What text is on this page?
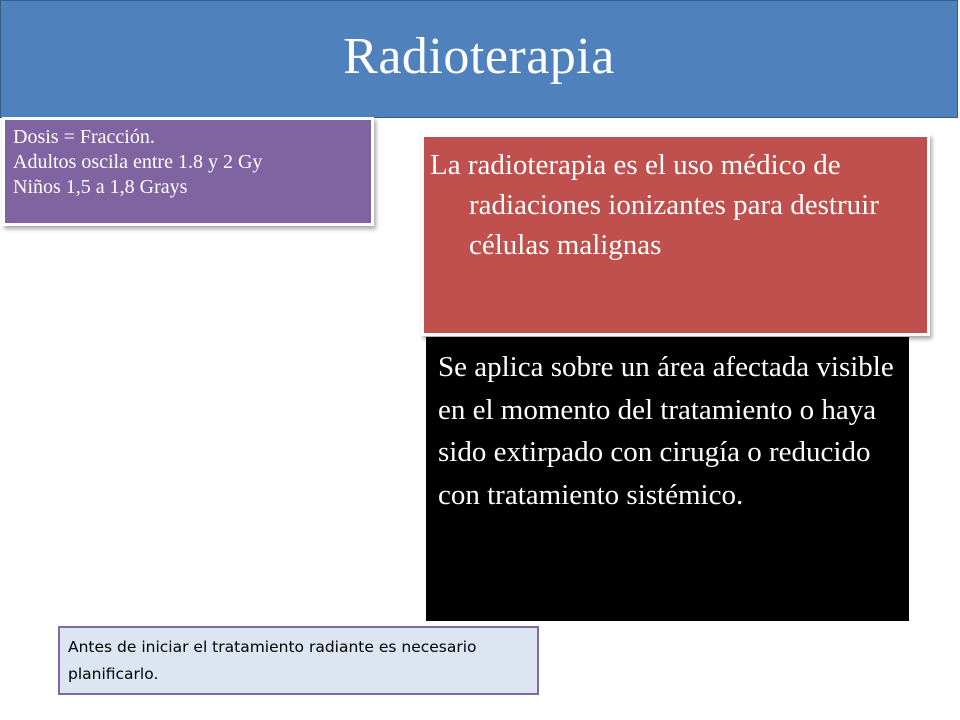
Radioterapia
Dosis = Fracción.
Adultos oscila entre 1.8 y 2 Gy
Niños 1,5 a 1,8 Grays

La radioterapia es el uso médico de radiaciones ionizantes para destruir células malignas

Se aplica sobre un área afectada visible en el momento del tratamiento o haya sido extirpado con cirugía o reducido con tratamiento sistémico.

Antes de iniciar el tratamiento radiante es necesario planificarlo.
